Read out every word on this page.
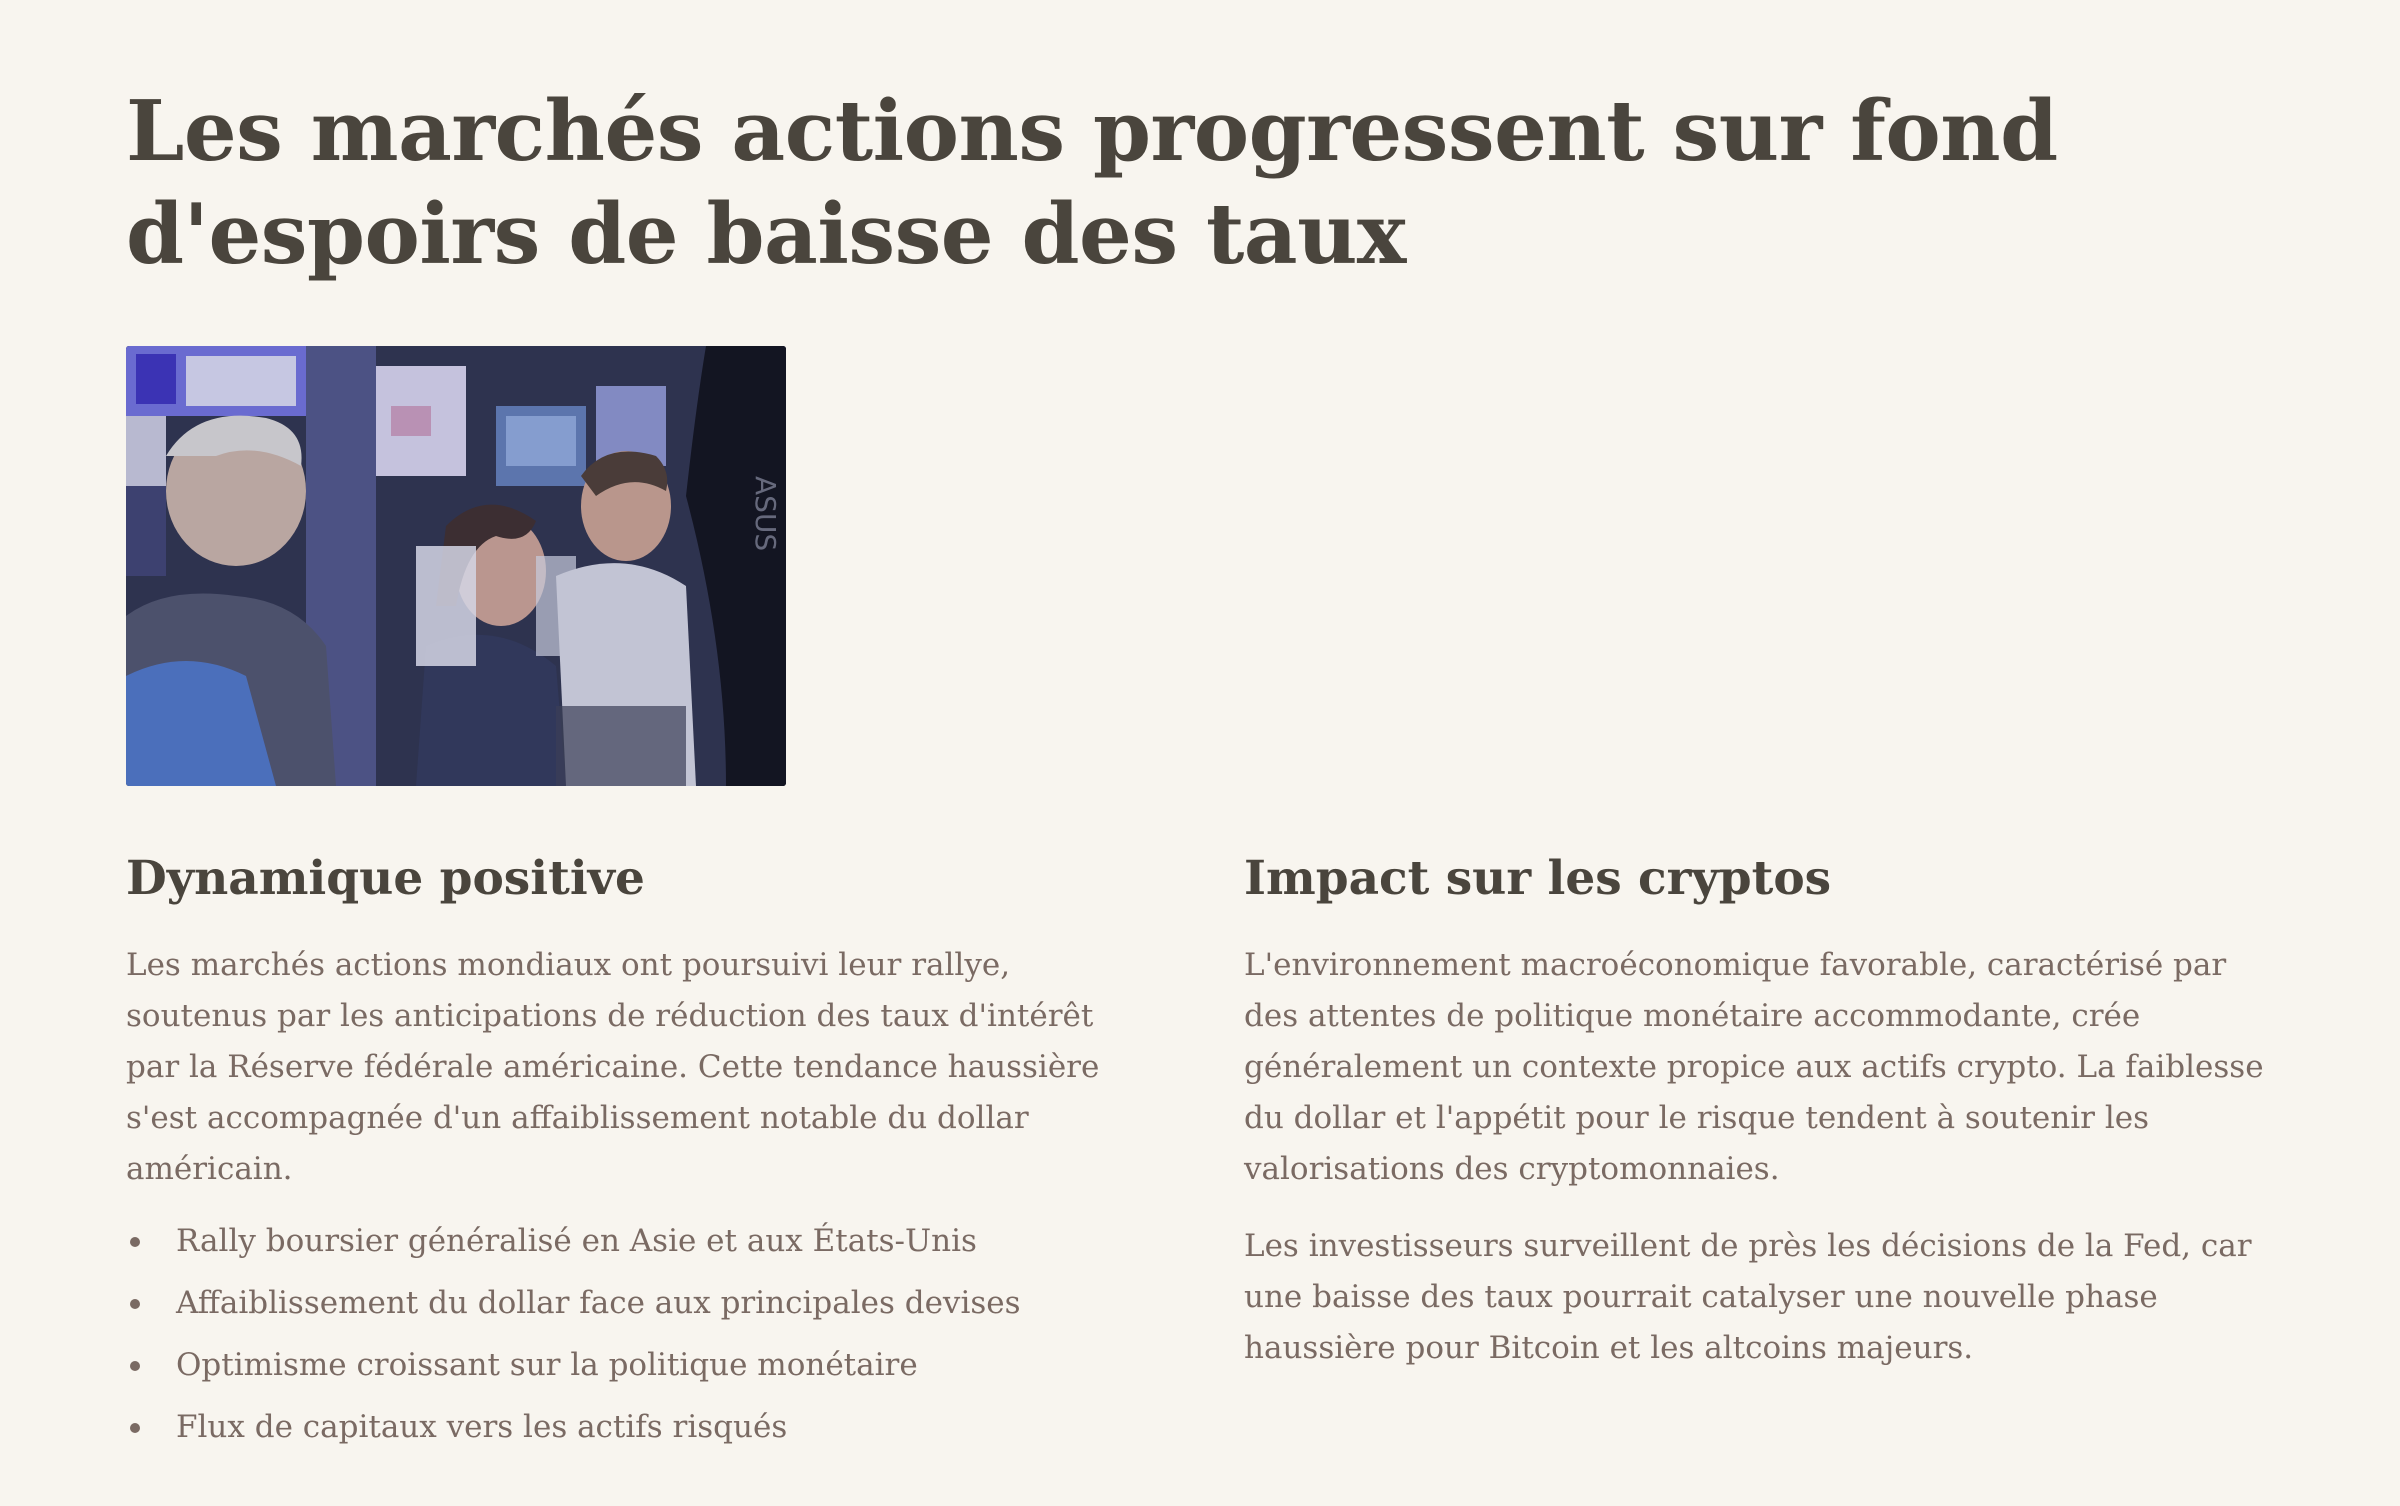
Les marchés actions progressent sur fond d'espoirs de baisse des taux
ASUS
Dynamique positive

Les marchés actions mondiaux ont poursuivi leur rallye, soutenus par les anticipations de réduction des taux d'intérêt par la Réserve fédérale américaine. Cette tendance haussière s'est accompagnée d'un affaiblissement notable du dollar américain.

Rally boursier généralisé en Asie et aux États-Unis
Affaiblissement du dollar face aux principales devises
Optimisme croissant sur la politique monétaire
Flux de capitaux vers les actifs risqués
Impact sur les cryptos

L'environnement macroéconomique favorable, caractérisé par des attentes de politique monétaire accommodante, crée généralement un contexte propice aux actifs crypto. La faiblesse du dollar et l'appétit pour le risque tendent à soutenir les valorisations des cryptomonnaies.

Les investisseurs surveillent de près les décisions de la Fed, car une baisse des taux pourrait catalyser une nouvelle phase haussière pour Bitcoin et les altcoins majeurs.
